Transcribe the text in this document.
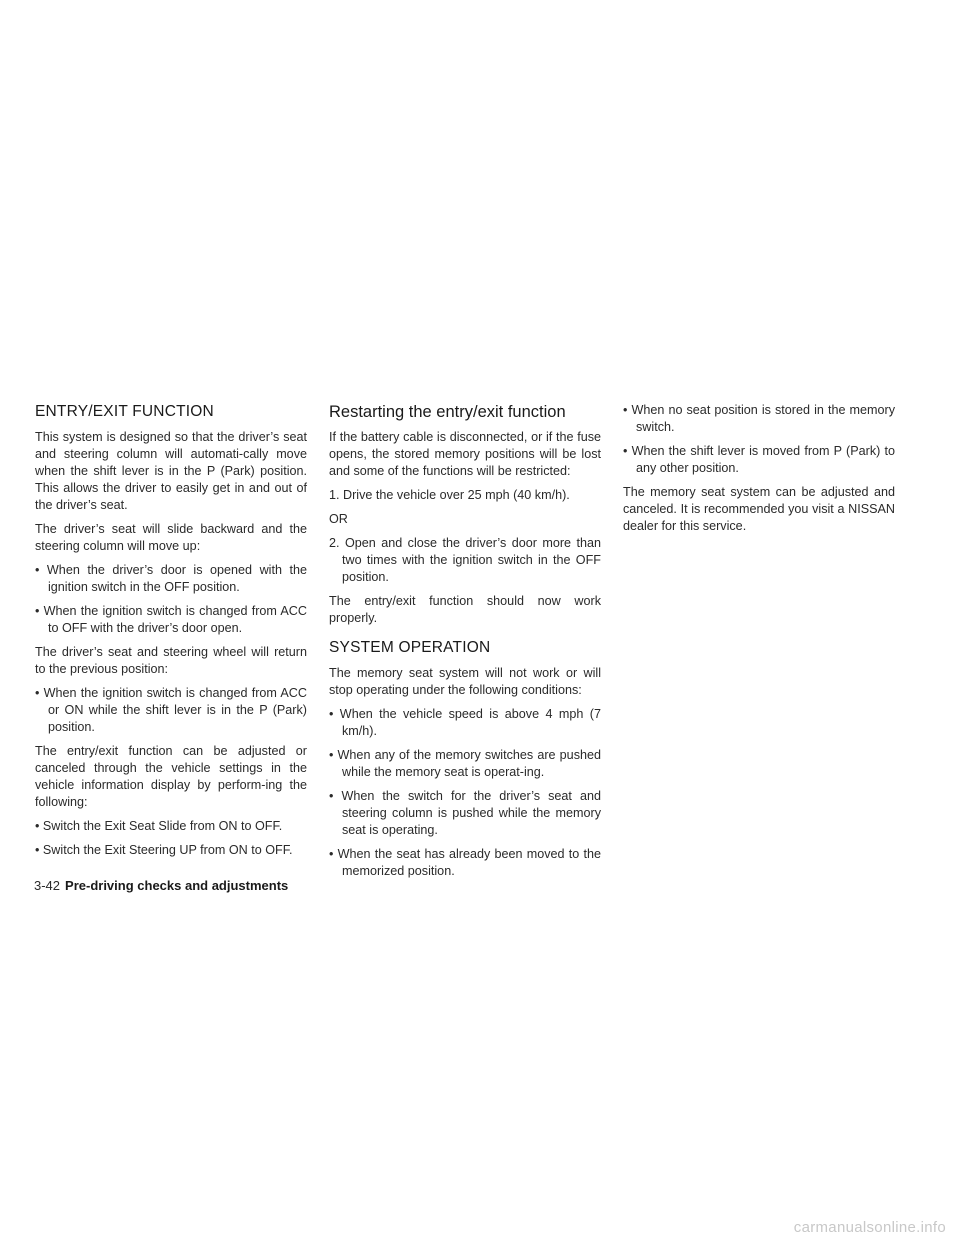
ENTRY/EXIT FUNCTION

This system is designed so that the driver’s seat and steering column will automati-cally move when the shift lever is in the P (Park) position. This allows the driver to easily get in and out of the driver’s seat.

The driver’s seat will slide backward and the steering column will move up:

• When the driver’s door is opened with the ignition switch in the OFF position.
• When the ignition switch is changed from ACC to OFF with the driver’s door open.

The driver’s seat and steering wheel will return to the previous position:

• When the ignition switch is changed from ACC or ON while the shift lever is in the P (Park) position.

The entry/exit function can be adjusted or canceled through the vehicle settings in the vehicle information display by perform-ing the following:

• Switch the Exit Seat Slide from ON to OFF.
• Switch the Exit Steering UP from ON to OFF.
Restarting the entry/exit function

If the battery cable is disconnected, or if the fuse opens, the stored memory positions will be lost and some of the functions will be restricted:

1. Drive the vehicle over 25 mph (40 km/h).

OR

2. Open and close the driver’s door more than two times with the ignition switch in the OFF position.

The entry/exit function should now work properly.

SYSTEM OPERATION

The memory seat system will not work or will stop operating under the following conditions:

• When the vehicle speed is above 4 mph (7 km/h).
• When any of the memory switches are pushed while the memory seat is operat-ing.
• When the switch for the driver’s seat and steering column is pushed while the memory seat is operating.
• When the seat has already been moved to the memorized position.
• When no seat position is stored in the memory switch.
• When the shift lever is moved from P (Park) to any other position.

The memory seat system can be adjusted and canceled. It is recommended you visit a NISSAN dealer for this service.

3-42 Pre-driving checks and adjustments
carmanualsonline.info
